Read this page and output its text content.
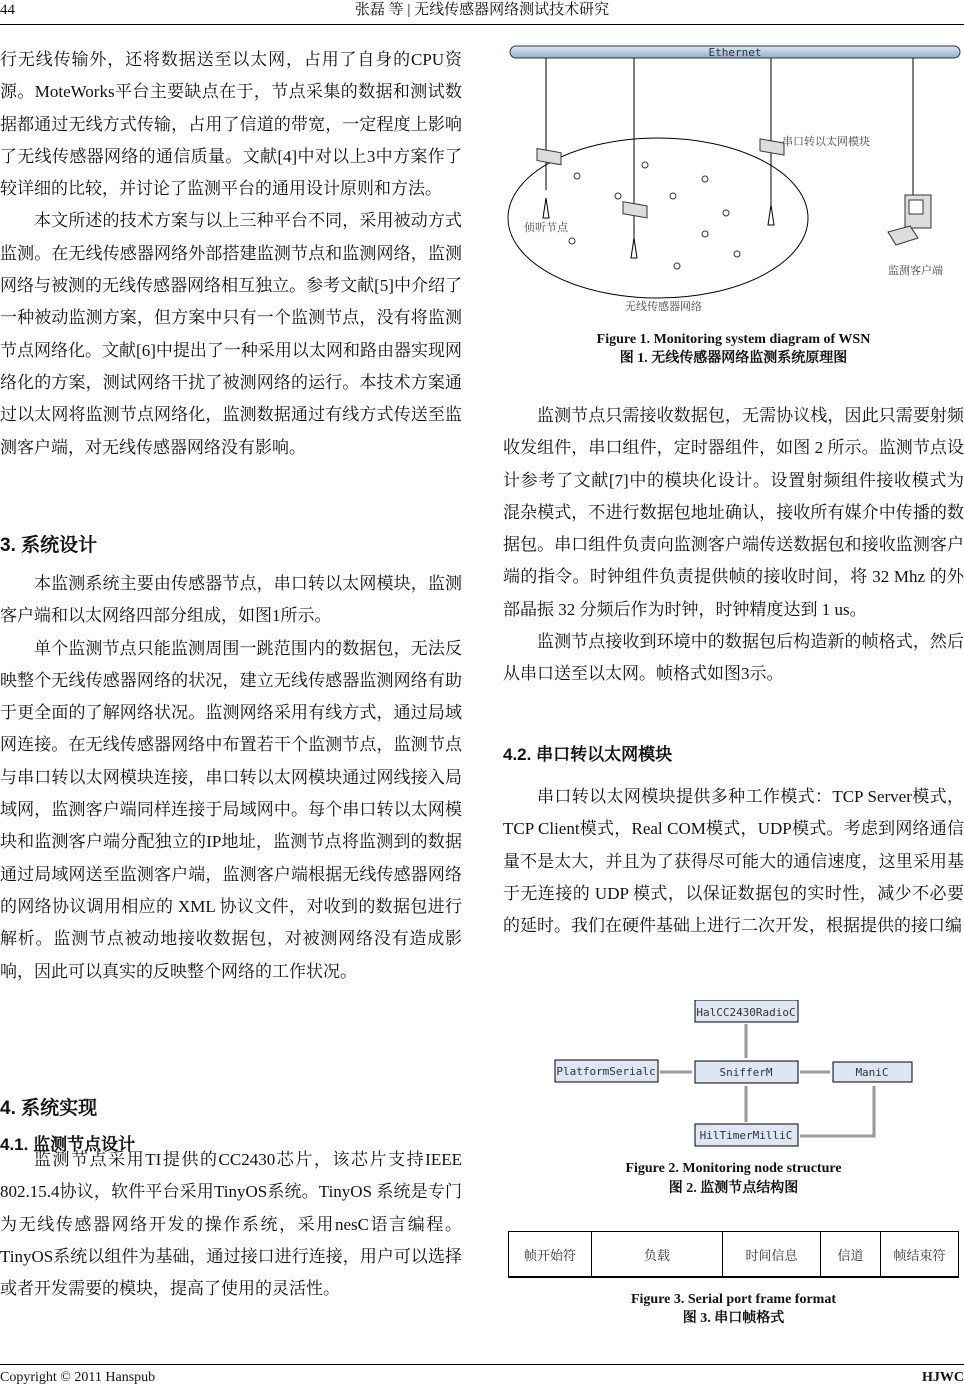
44	张磊 等 | 无线传感器网络测试技术研究

行无线传输外，还将数据送至以太网，占用了自身的CPU资源。MoteWorks平台主要缺点在于，节点采集的数据和测试数据都通过无线方式传输，占用了信道的带宽，一定程度上影响了无线传感器网络的通信质量。文献[4]中对以上3中方案作了较详细的比较，并讨论了监测平台的通用设计原则和方法。

本文所述的技术方案与以上三种平台不同，采用被动方式监测。在无线传感器网络外部搭建监测节点和监测网络，监测网络与被测的无线传感器网络相互独立。参考文献[5]中介绍了一种被动监测方案，但方案中只有一个监测节点，没有将监测节点网络化。文献[6]中提出了一种采用以太网和路由器实现网络化的方案，测试网络干扰了被测网络的运行。本技术方案通过以太网将监测节点网络化，监测数据通过有线方式传送至监测客户端，对无线传感器网络没有影响。

3. 系统设计

本监测系统主要由传感器节点，串口转以太网模块，监测客户端和以太网络四部分组成，如图1所示。

单个监测节点只能监测周围一跳范围内的数据包，无法反映整个无线传感器网络的状况，建立无线传感器监测网络有助于更全面的了解网络状况。监测网络采用有线方式，通过局域网连接。在无线传感器网络中布置若干个监测节点，监测节点与串口转以太网模块连接，串口转以太网模块通过网线接入局域网，监测客户端同样连接于局域网中。每个串口转以太网模块和监测客户端分配独立的IP地址，监测节点将监测到的数据通过局域网送至监测客户端，监测客户端根据无线传感器网络的网络协议调用相应的 XML 协议文件，对收到的数据包进行解析。监测节点被动地接收数据包，对被测网络没有造成影响，因此可以真实的反映整个网络的工作状况。

4. 系统实现
4.1. 监测节点设计

监测节点采用TI提供的CC2430芯片，该芯片支持IEEE 802.15.4协议，软件平台采用TinyOS系统。TinyOS 系统是专门为无线传感器网络开发的操作系统，采用nesC语言编程。TinyOS系统以组件为基础，通过接口进行连接，用户可以选择或者开发需要的模块，提高了使用的灵活性。

Ethernet
串口转以太网模块
侦听节点
监测客户端
无线传感器网络
Figure 1. Monitoring system diagram of WSN
图 1. 无线传感器网络监测系统原理图

监测节点只需接收数据包，无需协议栈，因此只需要射频收发组件，串口组件，定时器组件，如图 2 所示。监测节点设计参考了文献[7]中的模块化设计。设置射频组件接收模式为混杂模式，不进行数据包地址确认，接收所有媒介中传播的数据包。串口组件负责向监测客户端传送数据包和接收监测客户端的指令。时钟组件负责提供帧的接收时间，将 32 Mhz 的外部晶振 32 分频后作为时钟，时钟精度达到 1 us。

监测节点接收到环境中的数据包后构造新的帧格式，然后从串口送至以太网。帧格式如图3示。

4.2. 串口转以太网模块

串口转以太网模块提供多种工作模式：TCP Server模式，TCP Client模式，Real COM模式，UDP模式。考虑到网络通信量不是太大，并且为了获得尽可能大的通信速度，这里采用基于无连接的 UDP 模式，以保证数据包的实时性，减少不必要的延时。我们在硬件基础上进行二次开发，根据提供的接口编

HalCC2430RadioC
PlatformSerialc	SnifferM	ManiC
HilTimerMilliC
Figure 2. Monitoring node structure
图 2. 监测节点结构图
帧开始符	负载	时间信息	信道	帧结束符
Figure 3. Serial port frame format
图 3. 串口帧格式
Copyright © 2011 Hanspub	HJWC
